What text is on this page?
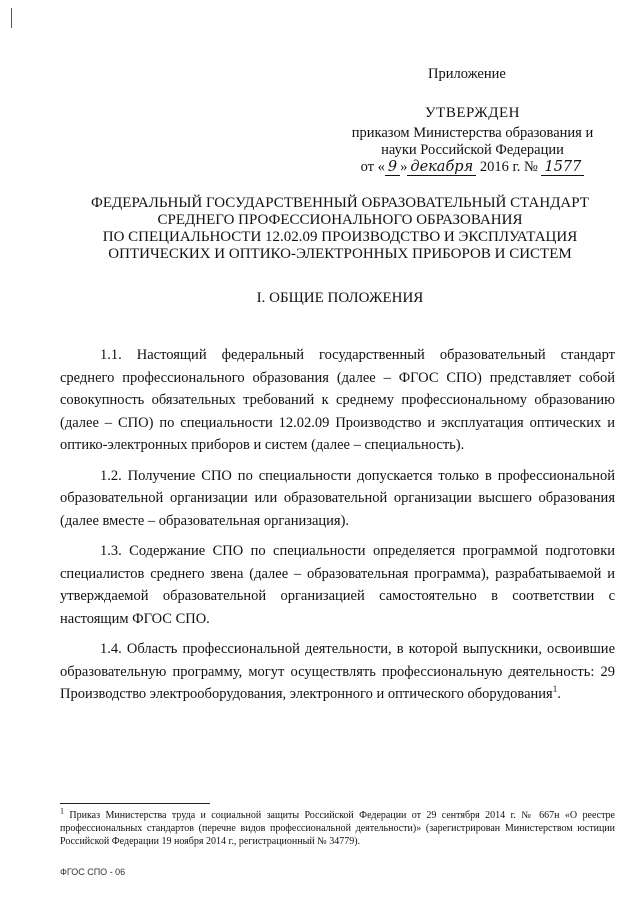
Приложение
УТВЕРЖДЕН
приказом Министерства образования и
науки Российской Федерации
от « 9 » декабря 2016 г. № 1577
ФЕДЕРАЛЬНЫЙ ГОСУДАРСТВЕННЫЙ ОБРАЗОВАТЕЛЬНЫЙ СТАНДАРТ
СРЕДНЕГО ПРОФЕССИОНАЛЬНОГО ОБРАЗОВАНИЯ
ПО СПЕЦИАЛЬНОСТИ 12.02.09 ПРОИЗВОДСТВО И ЭКСПЛУАТАЦИЯ
ОПТИЧЕСКИХ И ОПТИКО-ЭЛЕКТРОННЫХ ПРИБОРОВ И СИСТЕМ
I. ОБЩИЕ ПОЛОЖЕНИЯ

1.1. Настоящий федеральный государственный образовательный стандарт среднего профессионального образования (далее – ФГОС СПО) представляет собой совокупность обязательных требований к среднему профессиональному образованию (далее – СПО) по специальности 12.02.09 Производство и эксплуатация оптических и оптико-электронных приборов и систем (далее – специальность).

1.2. Получение СПО по специальности допускается только в профессиональной образовательной организации или образовательной организации высшего образования (далее вместе – образовательная организация).

1.3. Содержание СПО по специальности определяется программой подготовки специалистов среднего звена (далее – образовательная программа), разрабатываемой и утверждаемой образовательной организацией самостоятельно в соответствии с настоящим ФГОС СПО.

1.4. Область профессиональной деятельности, в которой выпускники, освоившие образовательную программу, могут осуществлять профессиональную деятельность: 29 Производство электрооборудования, электронного и оптического оборудования$^1$.

$^1$ Приказ Министерства труда и социальной защиты Российской Федерации от 29 сентября 2014 г. № 667н «О реестре профессиональных стандартов (перечне видов профессиональной деятельности)» (зарегистрирован Министерством юстиции Российской Федерации 19 ноября 2014 г., регистрационный № 34779).
ФГОС СПО - 06
